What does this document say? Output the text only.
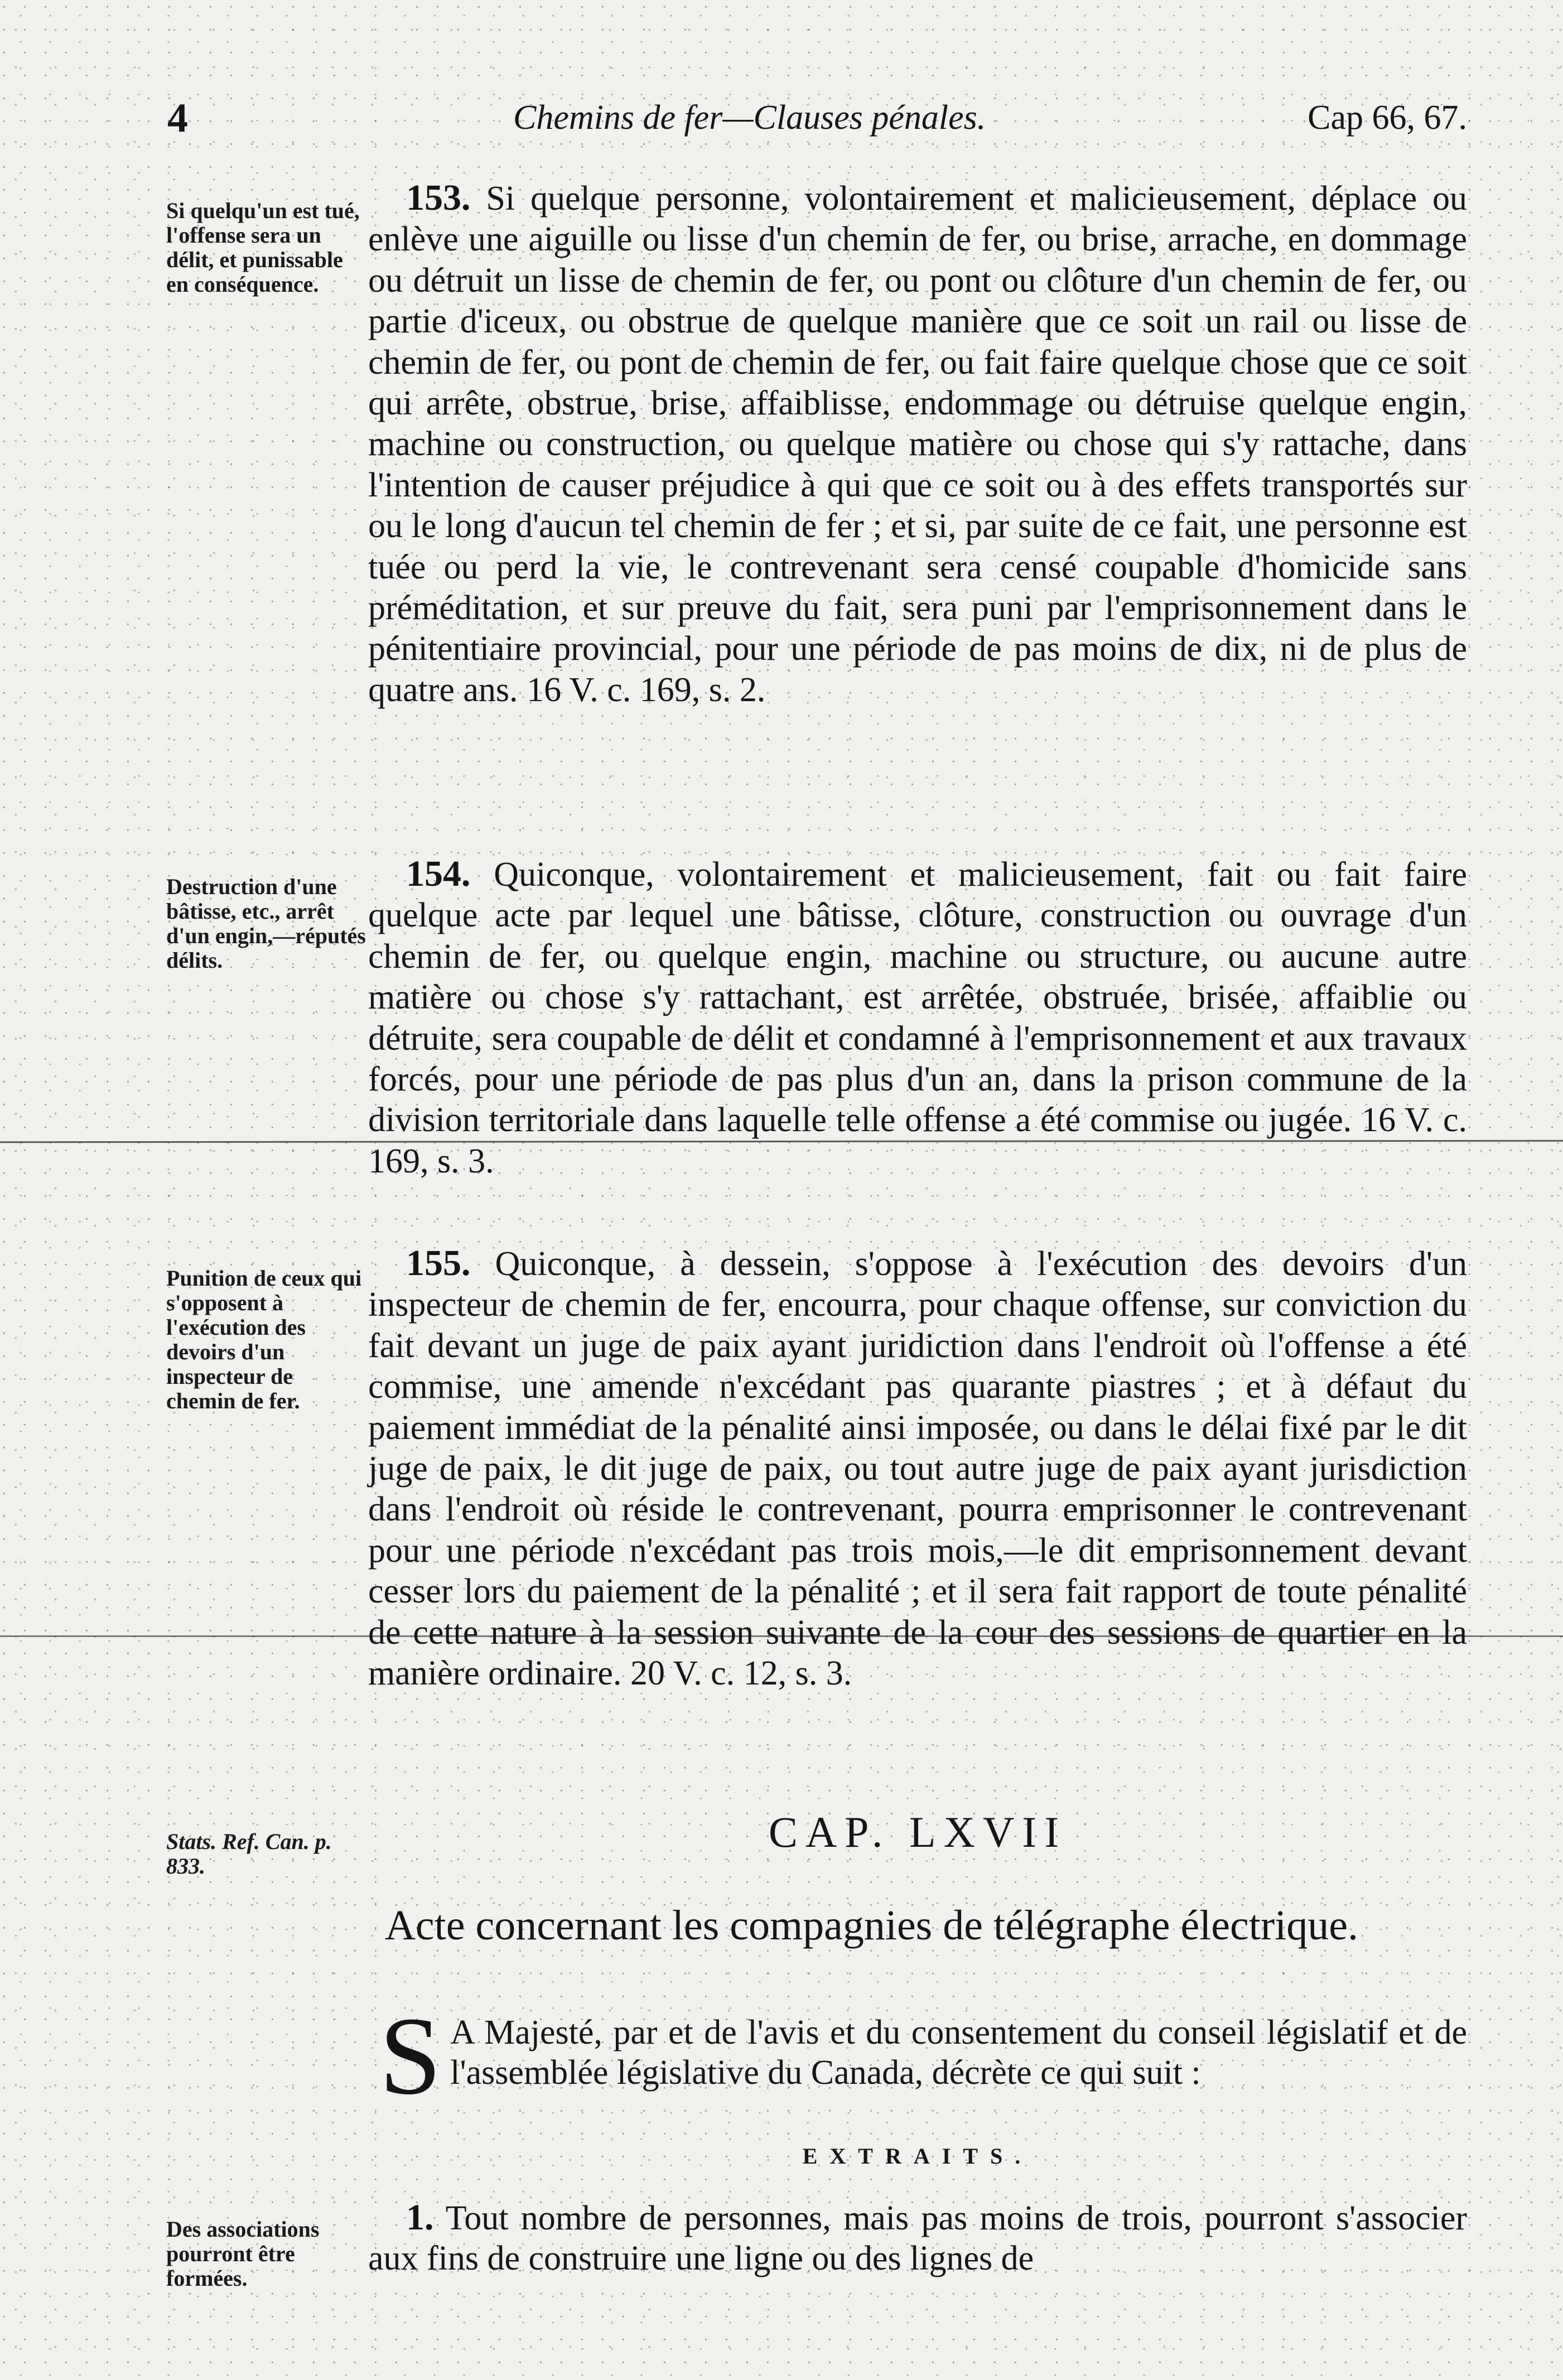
4	Chemins de fer—Clauses pénales.	Cap 66, 67.
Si quelqu'un est tué, l'offense sera un délit, et punissable en conséquence.

153. Si quelque personne, volontairement et malicieusement, déplace ou enlève une aiguille ou lisse d'un chemin de fer, ou brise, arrache, en dommage ou détruit un lisse de chemin de fer, ou pont ou clôture d'un chemin de fer, ou partie d'iceux, ou obstrue de quelque manière que ce soit un rail ou lisse de chemin de fer, ou pont de chemin de fer, ou fait faire quelque chose que ce soit qui arrête, obstrue, brise, affaiblisse, endommage ou détruise quelque engin, machine ou construction, ou quelque matière ou chose qui s'y rattache, dans l'intention de causer préjudice à qui que ce soit ou à des effets transportés sur ou le long d'aucun tel chemin de fer ; et si, par suite de ce fait, une personne est tuée ou perd la vie, le contrevenant sera censé coupable d'homicide sans préméditation, et sur preuve du fait, sera puni par l'emprisonnement dans le pénitentiaire provincial, pour une période de pas moins de dix, ni de plus de quatre ans. 16 V. c. 169, s. 2.

Destruction d'une bâtisse, etc., arrêt d'un engin,—réputés délits.

154. Quiconque, volontairement et malicieusement, fait ou fait faire quelque acte par lequel une bâtisse, clôture, construction ou ouvrage d'un chemin de fer, ou quelque engin, machine ou structure, ou aucune autre matière ou chose s'y rattachant, est arrêtée, obstruée, brisée, affaiblie ou détruite, sera coupable de délit et condamné à l'emprisonnement et aux travaux forcés, pour une période de pas plus d'un an, dans la prison commune de la division territoriale dans laquelle telle offense a été commise ou jugée. 16 V. c. 169, s. 3.

Punition de ceux qui s'opposent à l'exécution des devoirs d'un inspecteur de chemin de fer.

155. Quiconque, à dessein, s'oppose à l'exécution des devoirs d'un inspecteur de chemin de fer, encourra, pour chaque offense, sur conviction du fait devant un juge de paix ayant juridiction dans l'endroit où l'offense a été commise, une amende n'excédant pas quarante piastres ; et à défaut du paiement immédiat de la pénalité ainsi imposée, ou dans le délai fixé par le dit juge de paix, le dit juge de paix, ou tout autre juge de paix ayant jurisdiction dans l'endroit où réside le contrevenant, pourra emprisonner le contrevenant pour une période n'excédant pas trois mois,—le dit emprisonnement devant cesser lors du paiement de la pénalité ; et il sera fait rapport de toute pénalité de cette nature à la session suivante de la cour des sessions de quartier en la manière ordinaire. 20 V. c. 12, s. 3.

Stats. Ref. Can. p. 833.
CAP. LXVII
Acte concernant les compagnies de télégraphe électrique.
S A Majesté, par et de l'avis et du consentement du conseil législatif et de l'assemblée législative du Canada, décrète ce qui suit :
EXTRAITS.
Des associations pourront être formées.
1. Tout nombre de personnes, mais pas moins de trois, pourront s'associer aux fins de construire une ligne ou des lignes de
